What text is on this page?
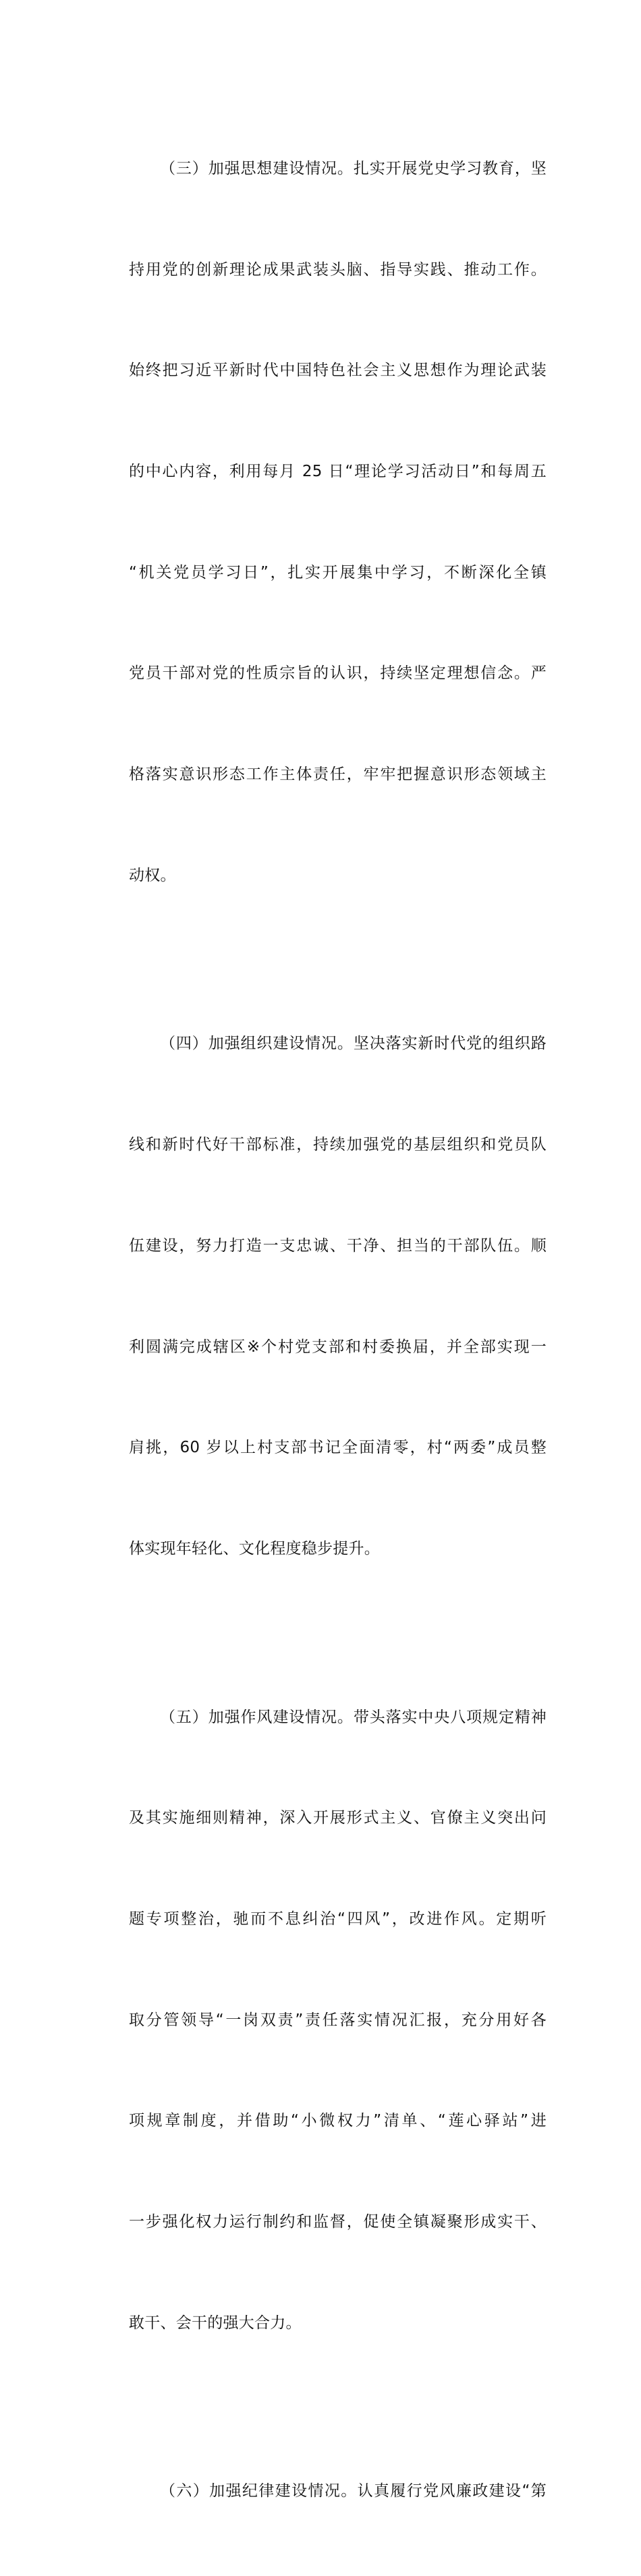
（三）加强思想建设情况。扎实开展党史学习教育，坚

持用党的创新理论成果武装头脑、指导实践、推动工作。

始终把习近平新时代中国特色社会主义思想作为理论武装

的中心内容，利用每月 25 日“理论学习活动日”和每周五

“机关党员学习日”，扎实开展集中学习，不断深化全镇

党员干部对党的性质宗旨的认识，持续坚定理想信念。严

格落实意识形态工作主体责任，牢牢把握意识形态领域主

动权。

（四）加强组织建设情况。坚决落实新时代党的组织路

线和新时代好干部标准，持续加强党的基层组织和党员队

伍建设，努力打造一支忠诚、干净、担当的干部队伍。顺

利圆满完成辖区※个村党支部和村委换届，并全部实现一

肩挑，60 岁以上村支部书记全面清零，村“两委”成员整

体实现年轻化、文化程度稳步提升。

（五）加强作风建设情况。带头落实中央八项规定精神

及其实施细则精神，深入开展形式主义、官僚主义突出问

题专项整治，驰而不息纠治“四风”，改进作风。定期听

取分管领导“一岗双责”责任落实情况汇报，充分用好各

项规章制度，并借助“小微权力”清单、“莲心驿站”进

一步强化权力运行制约和监督，促使全镇凝聚形成实干、

敢干、会干的强大合力。

（六）加强纪律建设情况。认真履行党风廉政建设“第
